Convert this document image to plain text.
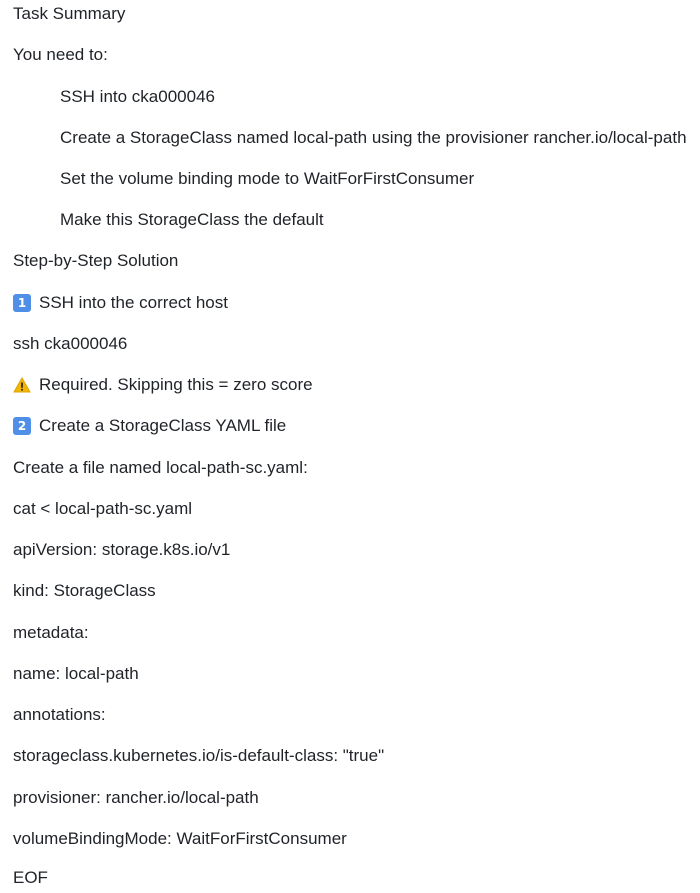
Task Summary
You need to:
SSH into cka000046
Create a StorageClass named local-path using the provisioner rancher.io/local-path
Set the volume binding mode to WaitForFirstConsumer
Make this StorageClass the default
Step-by-Step Solution
1 SSH into the correct host
ssh cka000046
Required. Skipping this = zero score
2 Create a StorageClass YAML file
Create a file named local-path-sc.yaml:
cat < local-path-sc.yaml
apiVersion: storage.k8s.io/v1
kind: StorageClass
metadata:
name: local-path
annotations:
storageclass.kubernetes.io/is-default-class: "true"
provisioner: rancher.io/local-path
volumeBindingMode: WaitForFirstConsumer
EOF
